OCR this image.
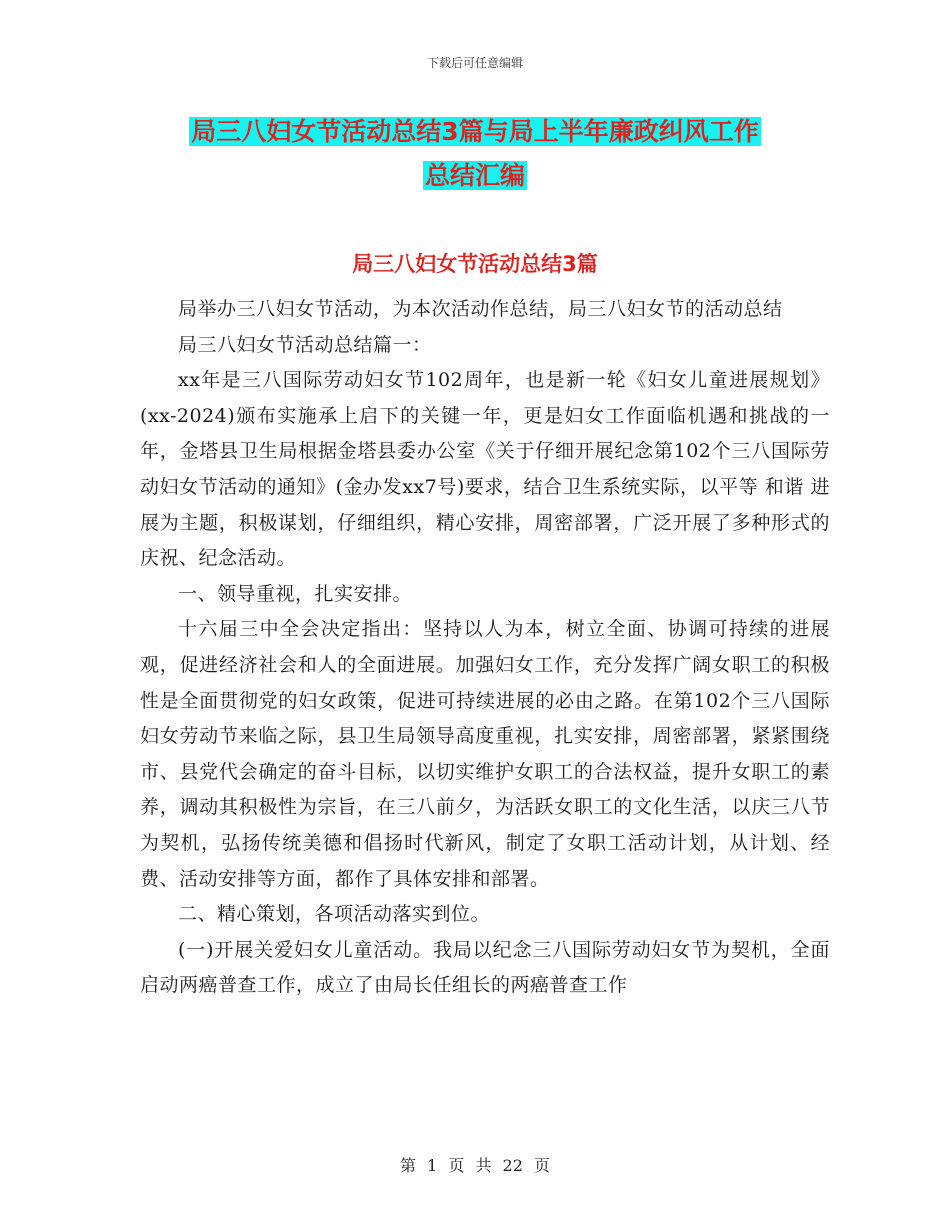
下载后可任意编辑
局三八妇女节活动总结3篇与局上半年廉政纠风工作
总结汇编
局三八妇女节活动总结3篇

局举办三八妇女节活动，为本次活动作总结，局三八妇女节的活动总结

局三八妇女节活动总结篇一：

xx年是三八国际劳动妇女节102周年，也是新一轮《妇女儿童进展规划》(xx-2024)颁布实施承上启下的关键一年，更是妇女工作面临机遇和挑战的一年，金塔县卫生局根据金塔县委办公室《关于仔细开展纪念第102个三八国际劳动妇女节活动的通知》(金办发xx7号)要求，结合卫生系统实际，以平等 和谐 进展为主题，积极谋划，仔细组织，精心安排，周密部署，广泛开展了多种形式的庆祝、纪念活动。

一、领导重视，扎实安排。

十六届三中全会决定指出：坚持以人为本，树立全面、协调可持续的进展观，促进经济社会和人的全面进展。加强妇女工作，充分发挥广阔女职工的积极性是全面贯彻党的妇女政策，促进可持续进展的必由之路。在第102个三八国际妇女劳动节来临之际，县卫生局领导高度重视，扎实安排，周密部署，紧紧围绕市、县党代会确定的奋斗目标，以切实维护女职工的合法权益，提升女职工的素养，调动其积极性为宗旨，在三八前夕，为活跃女职工的文化生活，以庆三八节为契机，弘扬传统美德和倡扬时代新风，制定了女职工活动计划，从计划、经费、活动安排等方面，都作了具体安排和部署。

二、精心策划，各项活动落实到位。

(一)开展关爱妇女儿童活动。我局以纪念三八国际劳动妇女节为契机，全面启动两癌普查工作，成立了由局长任组长的两癌普查工作

第 1 页 共 22 页
